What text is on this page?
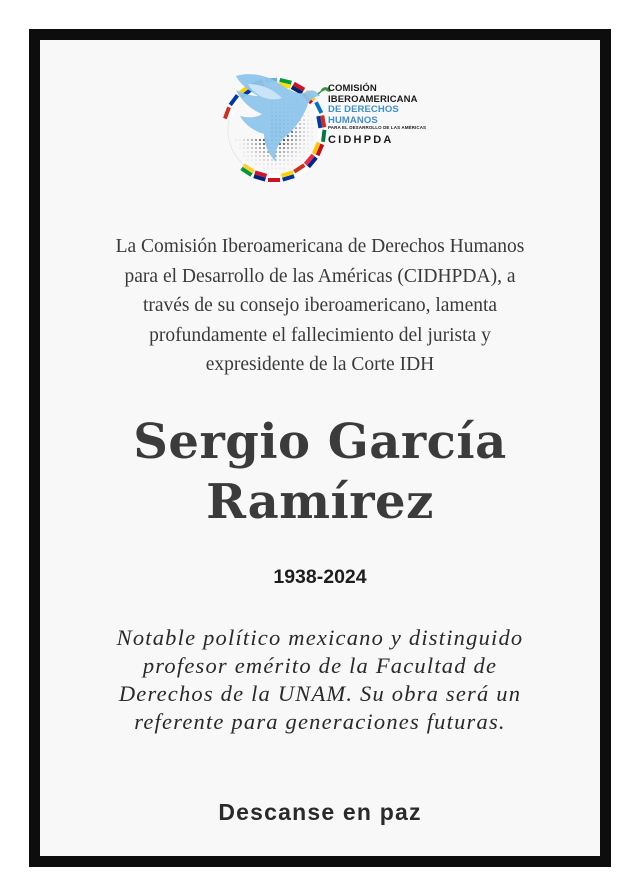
COMISIÓN
IBEROAMERICANA
DE DERECHOS
HUMANOS
PARA EL DESARROLLO DE LAS AMÉRICAS
CIDHPDA
La Comisión Iberoamericana de Derechos Humanos
para el Desarrollo de las Américas (CIDHPDA), a
través de su consejo iberoamericano, lamenta
profundamente el fallecimiento del jurista y
expresidente de la Corte IDH
Sergio García
Ramírez
1938-2024
Notable político mexicano y distinguido
profesor emérito de la Facultad de
Derechos de la UNAM. Su obra será un
referente para generaciones futuras.
Descanse en paz
